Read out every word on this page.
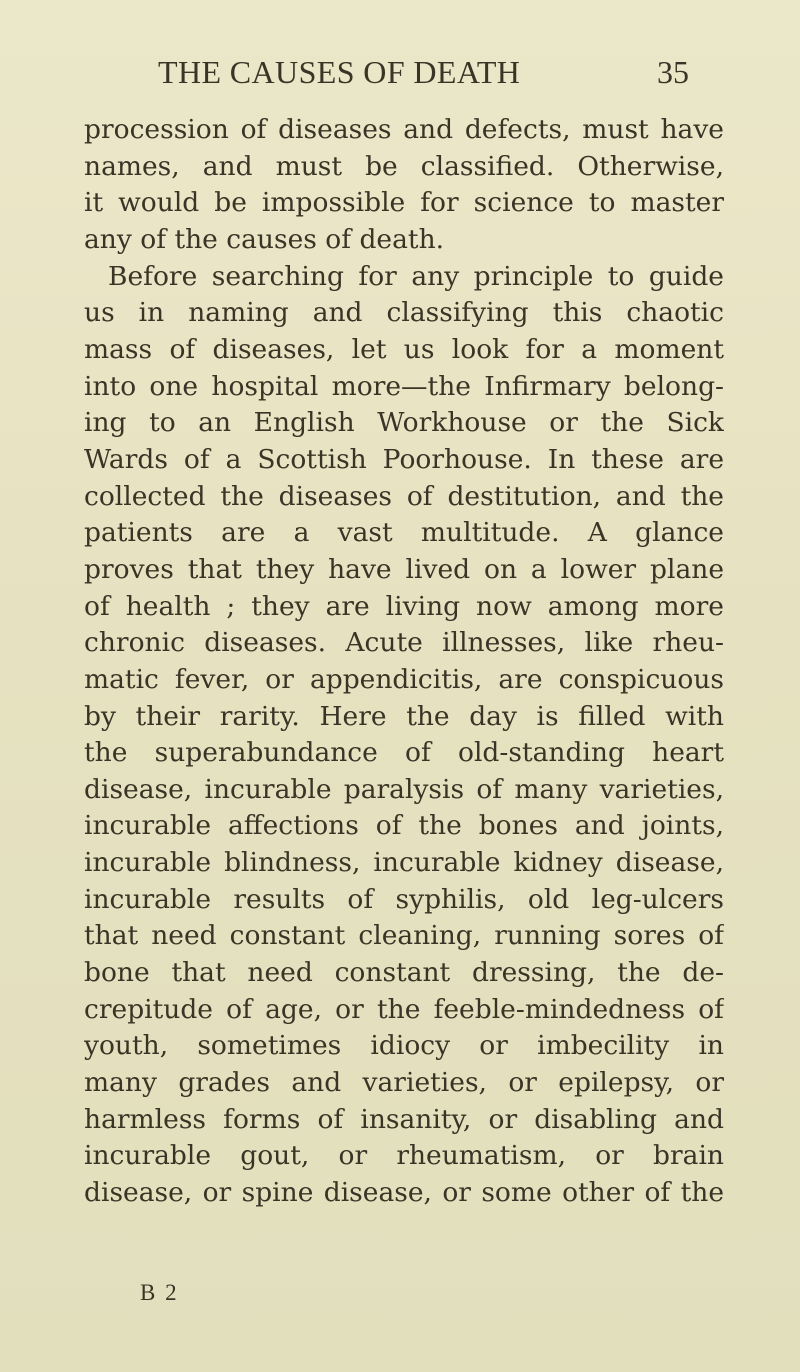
THE CAUSES OF DEATH	35
procession of diseases and defects, must have
names, and must be classified. Otherwise,
it would be impossible for science to master
any of the causes of death.
Before searching for any principle to guide
us in naming and classifying this chaotic
mass of diseases, let us look for a moment
into one hospital more—the Infirmary belong-
ing to an English Workhouse or the Sick
Wards of a Scottish Poorhouse. In these are
collected the diseases of destitution, and the
patients are a vast multitude. A glance
proves that they have lived on a lower plane
of health ; they are living now among more
chronic diseases. Acute illnesses, like rheu-
matic fever, or appendicitis, are conspicuous
by their rarity. Here the day is filled with
the superabundance of old-standing heart
disease, incurable paralysis of many varieties,
incurable affections of the bones and joints,
incurable blindness, incurable kidney disease,
incurable results of syphilis, old leg-ulcers
that need constant cleaning, running sores of
bone that need constant dressing, the de-
crepitude of age, or the feeble-mindedness of
youth, sometimes idiocy or imbecility in
many grades and varieties, or epilepsy, or
harmless forms of insanity, or disabling and
incurable gout, or rheumatism, or brain
disease, or spine disease, or some other of the
B 2
